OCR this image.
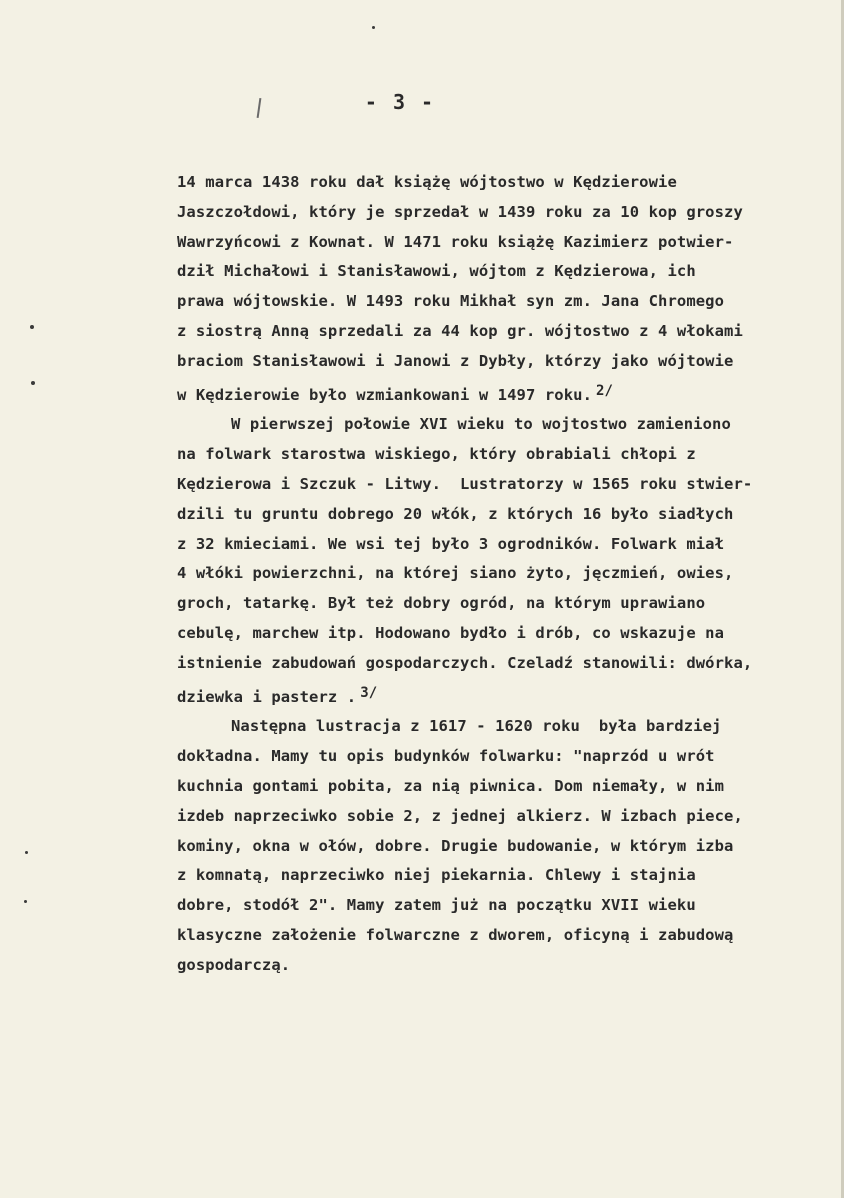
- 3 -
14 marca 1438 roku dał książę wójtostwo w Kędzierowie
Jaszczołdowi, który je sprzedał w 1439 roku za 10 kop groszy
Wawrzyńcowi z Kownat. W 1471 roku książę Kazimierz potwier-
dził Michałowi i Stanisławowi, wójtom z Kędzierowa, ich
prawa wójtowskie. W 1493 roku Mikhał syn zm. Jana Chromego
z siostrą Anną sprzedali za 44 kop gr. wójtostwo z 4 włokami
braciom Stanisławowi i Janowi z Dybły, którzy jako wójtowie
w Kędzierowie było wzmiankowani w 1497 roku. 2/
W pierwszej połowie XVI wieku to wojtostwo zamieniono
na folwark starostwa wiskiego, który obrabiali chłopi z
Kędzierowa i Szczuk - Litwy.  Lustratorzy w 1565 roku stwier-
dzili tu gruntu dobrego 20 włók, z których 16 było siadłych
z 32 kmieciami. We wsi tej było 3 ogrodników. Folwark miał
4 włóki powierzchni, na której siano żyto, jęczmień, owies,
groch, tatarkę. Był też dobry ogród, na którym uprawiano
cebulę, marchew itp. Hodowano bydło i drób, co wskazuje na
istnienie zabudowań gospodarczych. Czeladź stanowili: dwórka,
dziewka i pasterz . 3/
Następna lustracja z 1617 - 1620 roku  była bardziej
dokładna. Mamy tu opis budynków folwarku: "naprzód u wrót
kuchnia gontami pobita, za nią piwnica. Dom niemały, w nim
izdeb naprzeciwko sobie 2, z jednej alkierz. W izbach piece,
kominy, okna w ołów, dobre. Drugie budowanie, w którym izba
z komnatą, naprzeciwko niej piekarnia. Chlewy i stajnia
dobre, stodół 2". Mamy zatem już na początku XVII wieku
klasyczne założenie folwarczne z dworem, oficyną i zabudową
gospodarczą.
